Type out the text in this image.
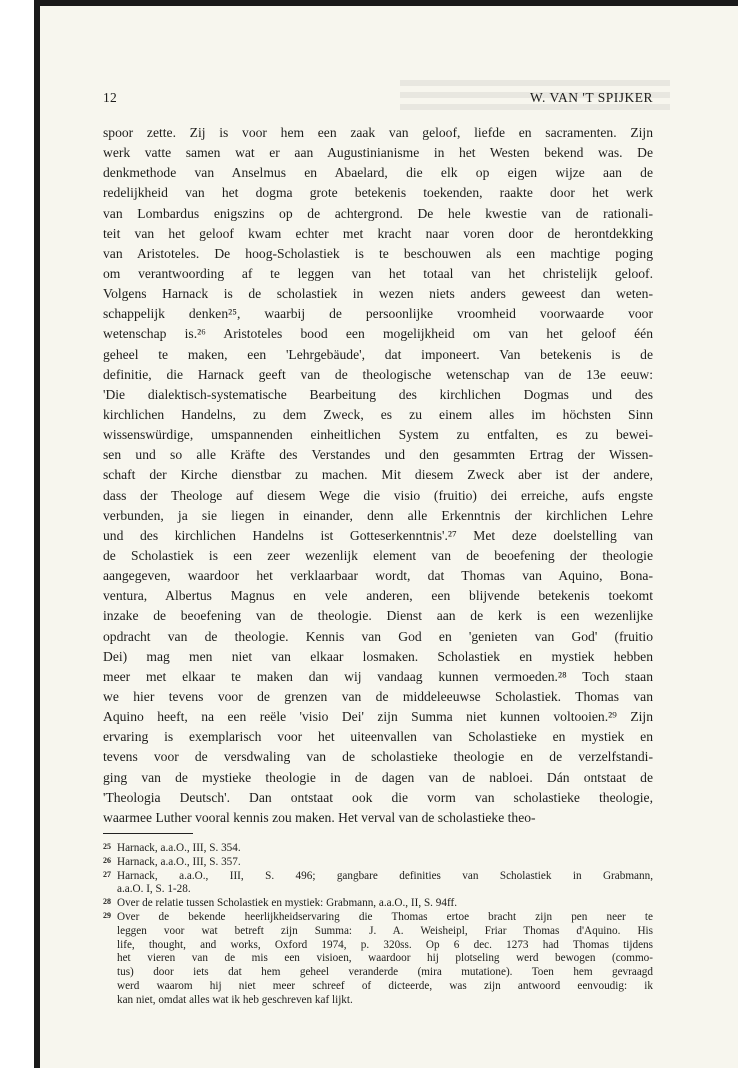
12	W. VAN 'T SPIJKER
spoor zette. Zij is voor hem een zaak van geloof, liefde en sacramenten. Zijn
werk vatte samen wat er aan Augustinianisme in het Westen bekend was. De
denkmethode van Anselmus en Abaelard, die elk op eigen wijze aan de
redelijkheid van het dogma grote betekenis toekenden, raakte door het werk
van Lombardus enigszins op de achtergrond. De hele kwestie van de rationali-
teit van het geloof kwam echter met kracht naar voren door de herontdekking
van Aristoteles. De hoog-Scholastiek is te beschouwen als een machtige poging
om verantwoording af te leggen van het totaal van het christelijk geloof.
Volgens Harnack is de scholastiek in wezen niets anders geweest dan weten-
schappelijk denken²⁵, waarbij de persoonlijke vroomheid voorwaarde voor
wetenschap is.²⁶ Aristoteles bood een mogelijkheid om van het geloof één
geheel te maken, een 'Lehrgebäude', dat imponeert. Van betekenis is de
definitie, die Harnack geeft van de theologische wetenschap van de 13e eeuw:
'Die dialektisch-systematische Bearbeitung des kirchlichen Dogmas und des
kirchlichen Handelns, zu dem Zweck, es zu einem alles im höchsten Sinn
wissenswürdige, umspannenden einheitlichen System zu entfalten, es zu bewei-
sen und so alle Kräfte des Verstandes und den gesammten Ertrag der Wissen-
schaft der Kirche dienstbar zu machen. Mit diesem Zweck aber ist der andere,
dass der Theologe auf diesem Wege die visio (fruitio) dei erreiche, aufs engste
verbunden, ja sie liegen in einander, denn alle Erkenntnis der kirchlichen Lehre
und des kirchlichen Handelns ist Gotteserkenntnis'.²⁷ Met deze doelstelling van
de Scholastiek is een zeer wezenlijk element van de beoefening der theologie
aangegeven, waardoor het verklaarbaar wordt, dat Thomas van Aquino, Bona-
ventura, Albertus Magnus en vele anderen, een blijvende betekenis toekomt
inzake de beoefening van de theologie. Dienst aan de kerk is een wezenlijke
opdracht van de theologie. Kennis van God en 'genieten van God' (fruitio
Dei) mag men niet van elkaar losmaken. Scholastiek en mystiek hebben
meer met elkaar te maken dan wij vandaag kunnen vermoeden.²⁸ Toch staan
we hier tevens voor de grenzen van de middeleeuwse Scholastiek. Thomas van
Aquino heeft, na een reële 'visio Dei' zijn Summa niet kunnen voltooien.²⁹ Zijn
ervaring is exemplarisch voor het uiteenvallen van Scholastieke en mystiek en
tevens voor de versdwaling van de scholastieke theologie en de verzelfstandi-
ging van de mystieke theologie in de dagen van de nabloei. Dán ontstaat de
'Theologia Deutsch'. Dan ontstaat ook die vorm van scholastieke theologie,
waarmee Luther vooral kennis zou maken. Het verval van de scholastieke theo-
25 Harnack, a.a.O., III, S. 354.
26 Harnack, a.a.O., III, S. 357.
27 Harnack, a.a.O., III, S. 496; gangbare definities van Scholastiek in Grabmann,
a.a.O. I, S. 1-28.
28 Over de relatie tussen Scholastiek en mystiek: Grabmann, a.a.O., II, S. 94ff.
29 Over de bekende heerlijkheidservaring die Thomas ertoe bracht zijn pen neer te
leggen voor wat betreft zijn Summa: J. A. Weisheipl, Friar Thomas d'Aquino. His
life, thought, and works, Oxford 1974, p. 320ss. Op 6 dec. 1273 had Thomas tijdens
het vieren van de mis een visioen, waardoor hij plotseling werd bewogen (commo-
tus) door iets dat hem geheel veranderde (mira mutatione). Toen hem gevraagd
werd waarom hij niet meer schreef of dicteerde, was zijn antwoord eenvoudig: ik
kan niet, omdat alles wat ik heb geschreven kaf lijkt.
